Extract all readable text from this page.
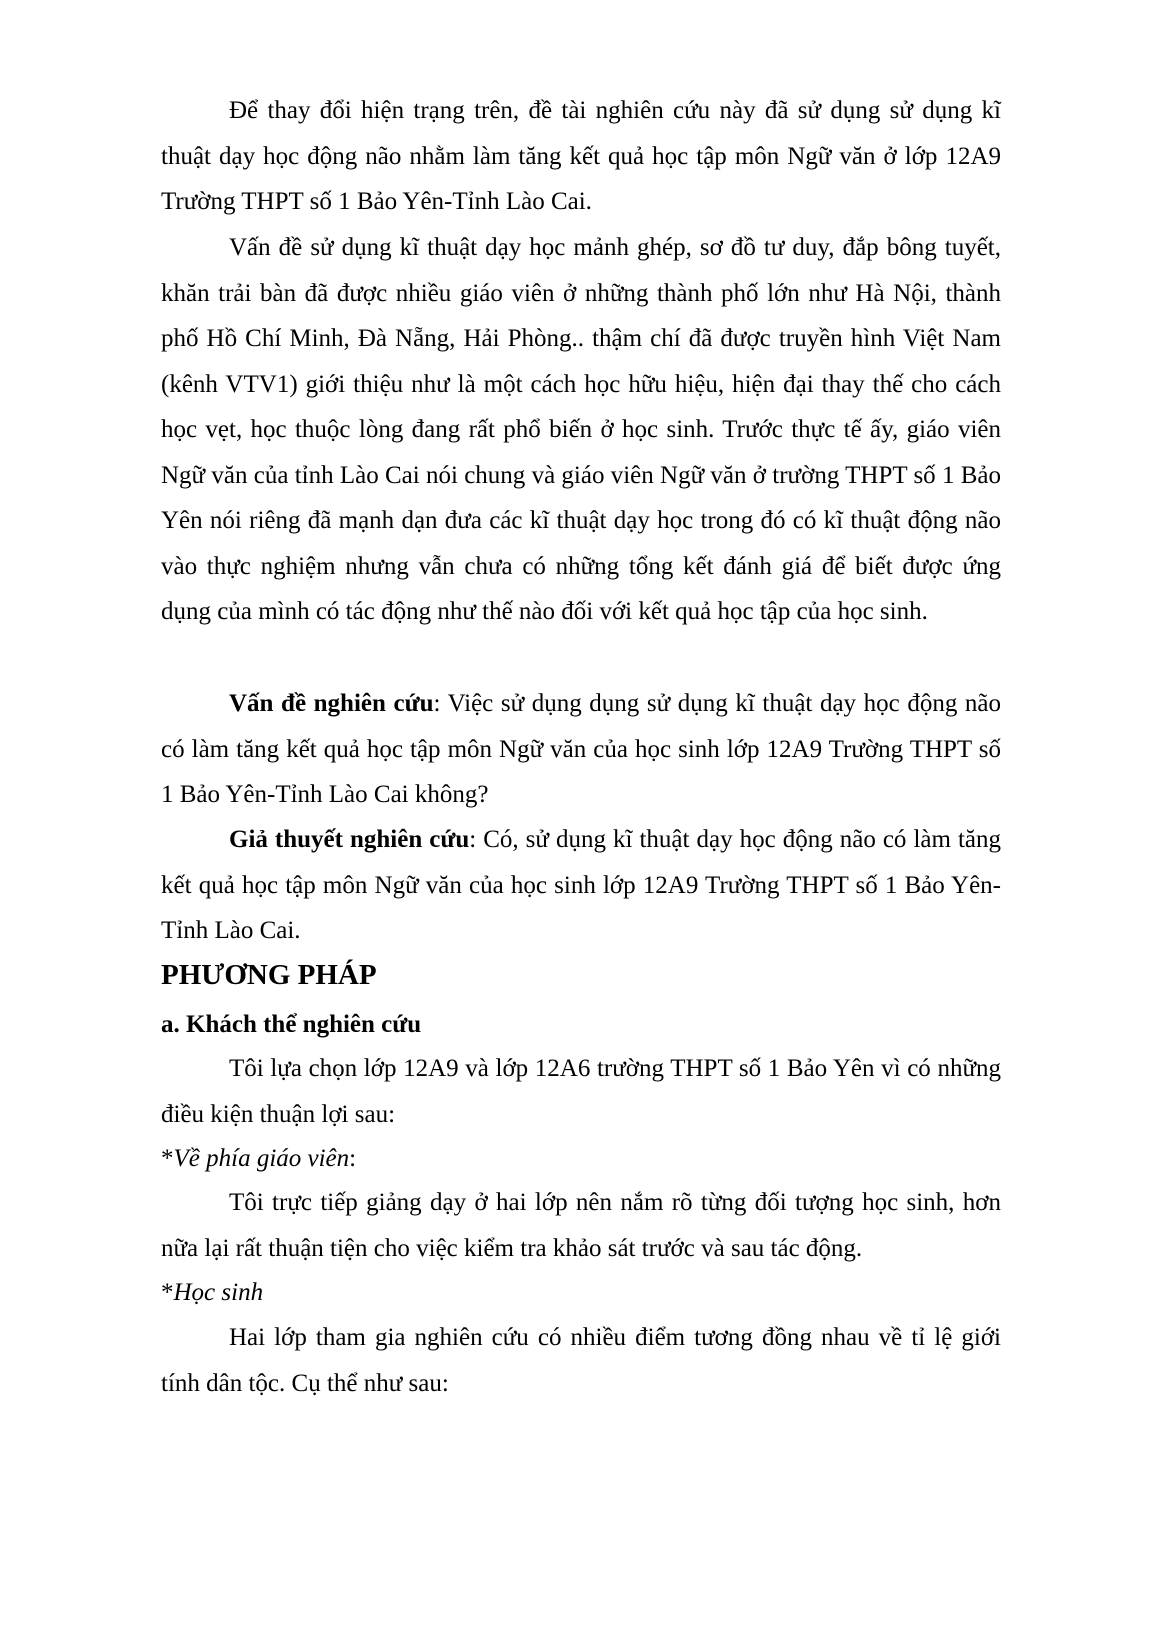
Để thay đổi hiện trạng trên, đề tài nghiên cứu này đã sử dụng sử dụng kĩ thuật dạy học động não nhằm làm tăng kết quả học tập môn Ngữ văn ở lớp 12A9 Trường THPT số 1 Bảo Yên-Tỉnh Lào Cai.

Vấn đề sử dụng kĩ thuật dạy học mảnh ghép, sơ đồ tư duy, đắp bông tuyết, khăn trải bàn đã được nhiều giáo viên ở những thành phố lớn như Hà Nội, thành phố Hồ Chí Minh, Đà Nẵng, Hải Phòng.. thậm chí đã được truyền hình Việt Nam (kênh VTV1) giới thiệu như là một cách học hữu hiệu, hiện đại thay thế cho cách học vẹt, học thuộc lòng đang rất phổ biến ở học sinh. Trước thực tế ấy, giáo viên Ngữ văn của tỉnh Lào Cai nói chung và giáo viên Ngữ văn ở trường THPT số 1 Bảo Yên nói riêng đã mạnh dạn đưa các kĩ thuật dạy học trong đó có kĩ thuật động não vào thực nghiệm nhưng vẫn chưa có những tổng kết đánh giá để biết được ứng dụng của mình có tác động như thế nào đối với kết quả học tập của học sinh.

Vấn đề nghiên cứu: Việc sử dụng dụng sử dụng kĩ thuật dạy học động não có làm tăng kết quả học tập môn Ngữ văn của học sinh lớp 12A9 Trường THPT số 1 Bảo Yên-Tỉnh Lào Cai không?

Giả thuyết nghiên cứu: Có, sử dụng kĩ thuật dạy học động não có làm tăng kết quả học tập môn Ngữ văn của học sinh lớp 12A9 Trường THPT số 1 Bảo Yên-Tỉnh Lào Cai.

PHƯƠNG PHÁP
a. Khách thể nghiên cứu

Tôi lựa chọn lớp 12A9 và lớp 12A6 trường THPT số 1 Bảo Yên vì có những điều kiện thuận lợi sau:

*Về phía giáo viên:

Tôi trực tiếp giảng dạy ở hai lớp nên nắm rõ từng đối tượng học sinh, hơn nữa lại rất thuận tiện cho việc kiểm tra khảo sát trước và sau tác động.

*Học sinh

Hai lớp tham gia nghiên cứu có nhiều điểm tương đồng nhau về tỉ lệ giới tính dân tộc. Cụ thể như sau:
